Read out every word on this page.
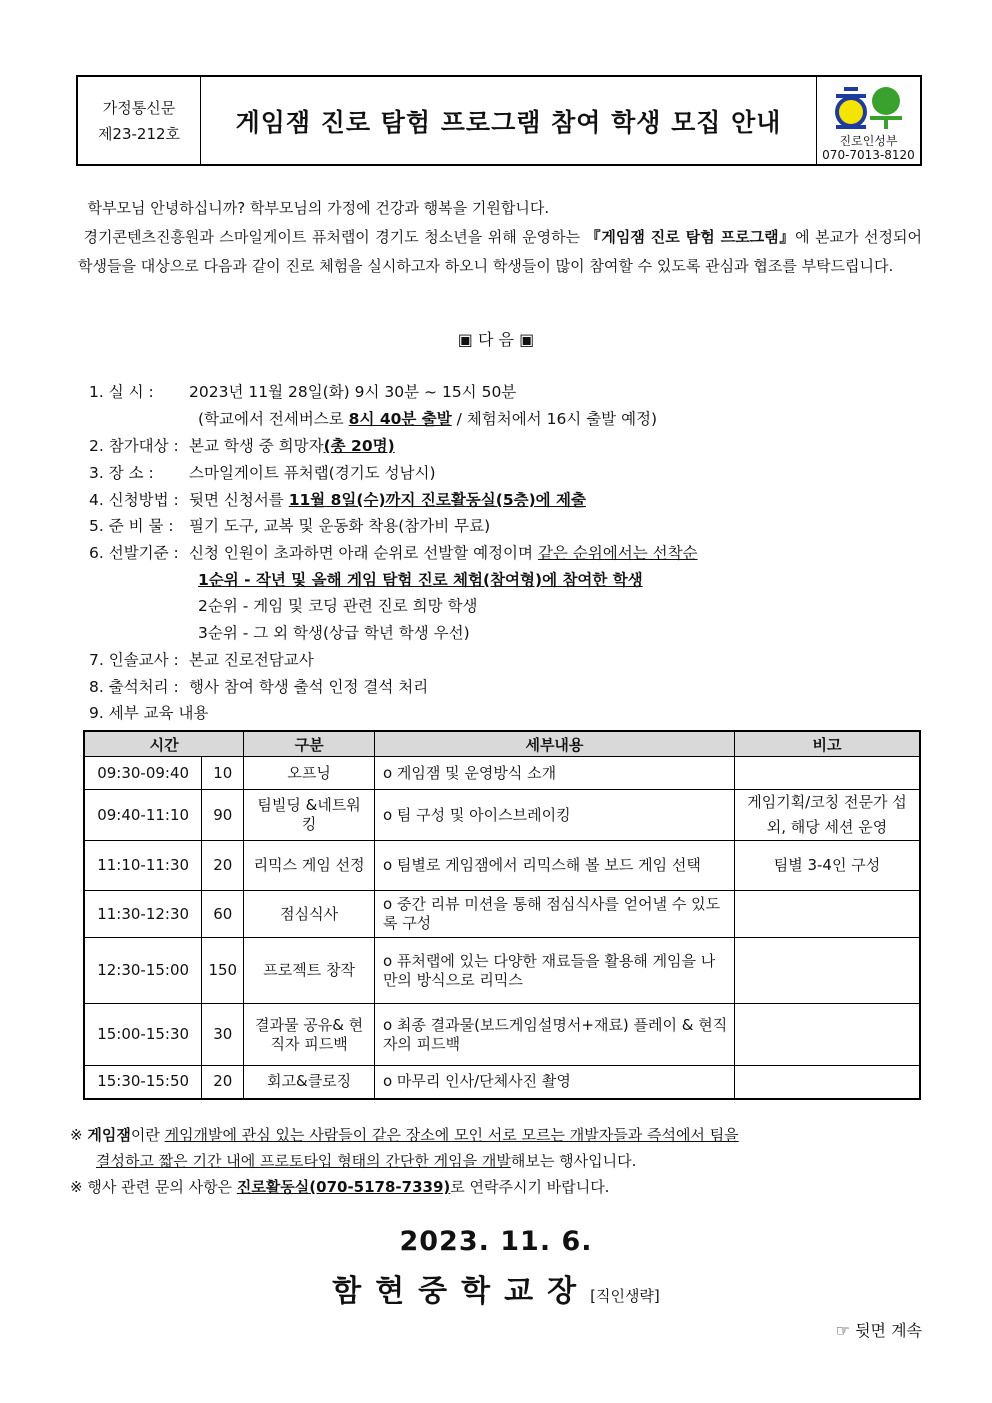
가정통신문
제23-212호	게임잼 진로 탐험 프로그램 참여 학생 모집 안내
진로인성부
070-7013-8120

학부모님 안녕하십니까? 학부모님의 가정에 건강과 행복을 기원합니다.

경기콘텐츠진흥원과 스마일게이트 퓨처랩이 경기도 청소년을 위해 운영하는 『게임잼 진로 탐험 프로그램』에 본교가 선정되어 학생들을 대상으로 다음과 같이 진로 체험을 실시하고자 하오니 학생들이 많이 참여할 수 있도록 관심과 협조를 부탁드립니다.

▣ 다 음 ▣
1. 실 시 : 2023년 11월 28일(화) 9시 30분 ~ 15시 50분
(학교에서 전세버스로 8시 40분 출발 / 체험처에서 16시 출발 예정)
2. 참가대상 : 본교 학생 중 희망자(총 20명)
3. 장 소 : 스마일게이트 퓨처랩(경기도 성남시)
4. 신청방법 : 뒷면 신청서를 11월 8일(수)까지 진로활동실(5층)에 제출
5. 준 비 물 : 필기 도구, 교복 및 운동화 착용(참가비 무료)
6. 선발기준 : 신청 인원이 초과하면 아래 순위로 선발할 예정이며 같은 순위에서는 선착순
1순위 - 작년 및 올해 게임 탐험 진로 체험(참여형)에 참여한 학생
2순위 - 게임 및 코딩 관련 진로 희망 학생
3순위 - 그 외 학생(상급 학년 학생 우선)
7. 인솔교사 : 본교 진로전담교사
8. 출석처리 : 행사 참여 학생 출석 인정 결석 처리
9. 세부 교육 내용
시간		구분	세부내용	비고
09:30-09:40	10	오프닝	o 게임잼 및 운영방식 소개	
09:40-11:10	90	팀빌딩 &네트워킹	o 팀 구성 및 아이스브레이킹	게임기획/코칭 전문가 섭외, 해당 세션 운영
11:10-11:30	20	리믹스 게임 선정	o 팀별로 게임잼에서 리믹스해 볼 보드 게임 선택	팀별 3-4인 구성
11:30-12:30	60	점심식사	o 중간 리뷰 미션을 통해 점심식사를 얻어낼 수 있도록 구성	
12:30-15:00	150	프로젝트 창작	o 퓨처랩에 있는 다양한 재료들을 활용해 게임을 나만의 방식으로 리믹스	
15:00-15:30	30	결과물 공유& 현직자 피드백	o 최종 결과물(보드게임설명서+재료) 플레이 & 현직자의 피드백	
15:30-15:50	20	회고&클로징	o 마무리 인사/단체사진 촬영	
※ 게임잼이란 게임개발에 관심 있는 사람들이 같은 장소에 모인 서로 모르는 개발자들과 즉석에서 팀을
결성하고 짧은 기간 내에 프로토타입 형태의 간단한 게임을 개발해보는 행사입니다.
※ 행사 관련 문의 사항은 진로활동실(070-5178-7339)로 연락주시기 바랍니다.
2023. 11. 6.
함현중학교장[직인생략]
☞ 뒷면 계속
